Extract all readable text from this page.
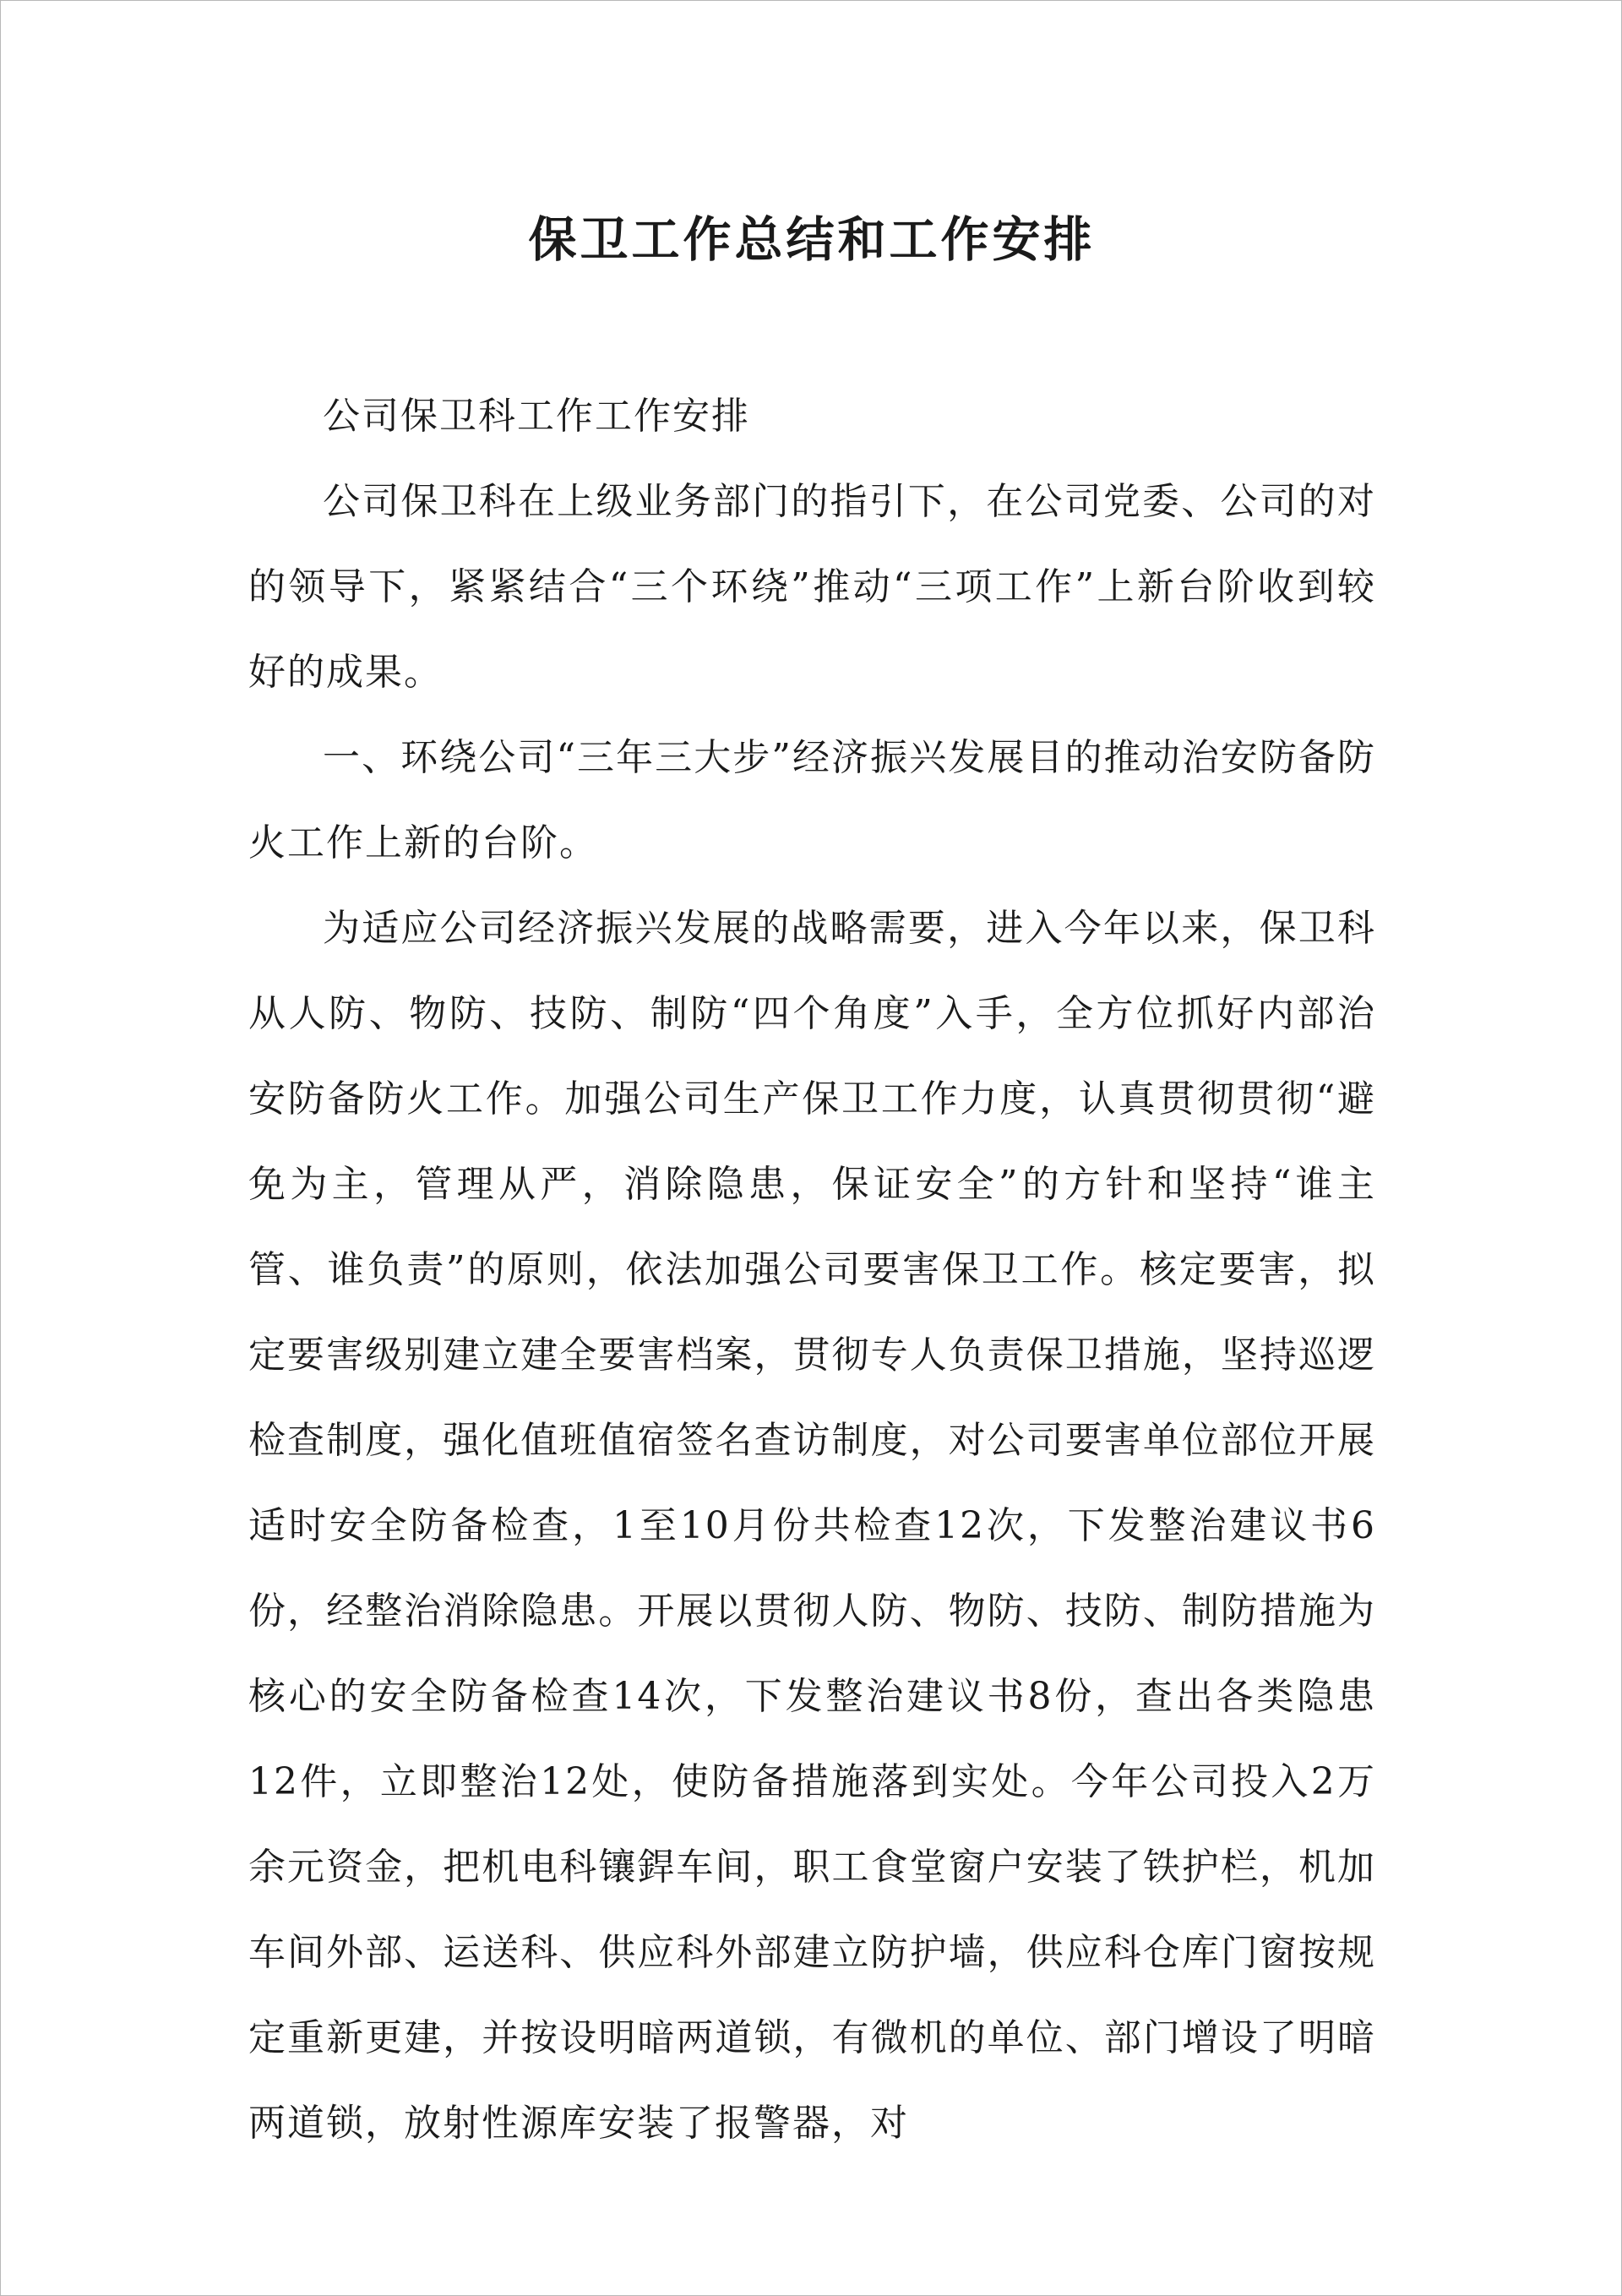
保卫工作总结和工作安排

公司保卫科工作工作安排

公司保卫科在上级业务部门的指引下，在公司党委、公司的对的领导下，紧紧结合“三个环绕”推动“三项工作”上新台阶收到较好的成果。

一、环绕公司“三年三大步”经济振兴发展目的推动治安防备防火工作上新的台阶。

为适应公司经济振兴发展的战略需要，进入今年以来，保卫科从人防、物防、技防、制防“四个角度”入手，全方位抓好内部治安防备防火工作。加强公司生产保卫工作力度，认真贯彻贯彻“避免为主，管理从严，消除隐患，保证安全”的方针和坚持“谁主管、谁负责”的原则，依法加强公司要害保卫工作。核定要害，拟定要害级别建立建全要害档案，贯彻专人负责保卫措施，坚持巡逻检查制度，强化值班值宿签名查访制度，对公司要害单位部位开展适时安全防备检查，1至10月份共检查12次，下发整治建议书6份，经整治消除隐患。开展以贯彻人防、物防、技防、制防措施为核心的安全防备检查14次，下发整治建议书8份，查出各类隐患12件，立即整治12处，使防备措施落到实处。今年公司投入2万余元资金，把机电科镶銲车间，职工食堂窗户安装了铁护栏，机加车间外部、运送科、供应科外部建立防护墙，供应科仓库门窗按规定重新更建，并按设明暗两道锁，有微机的单位、部门增设了明暗两道锁，放射性源库安装了报警器，对
